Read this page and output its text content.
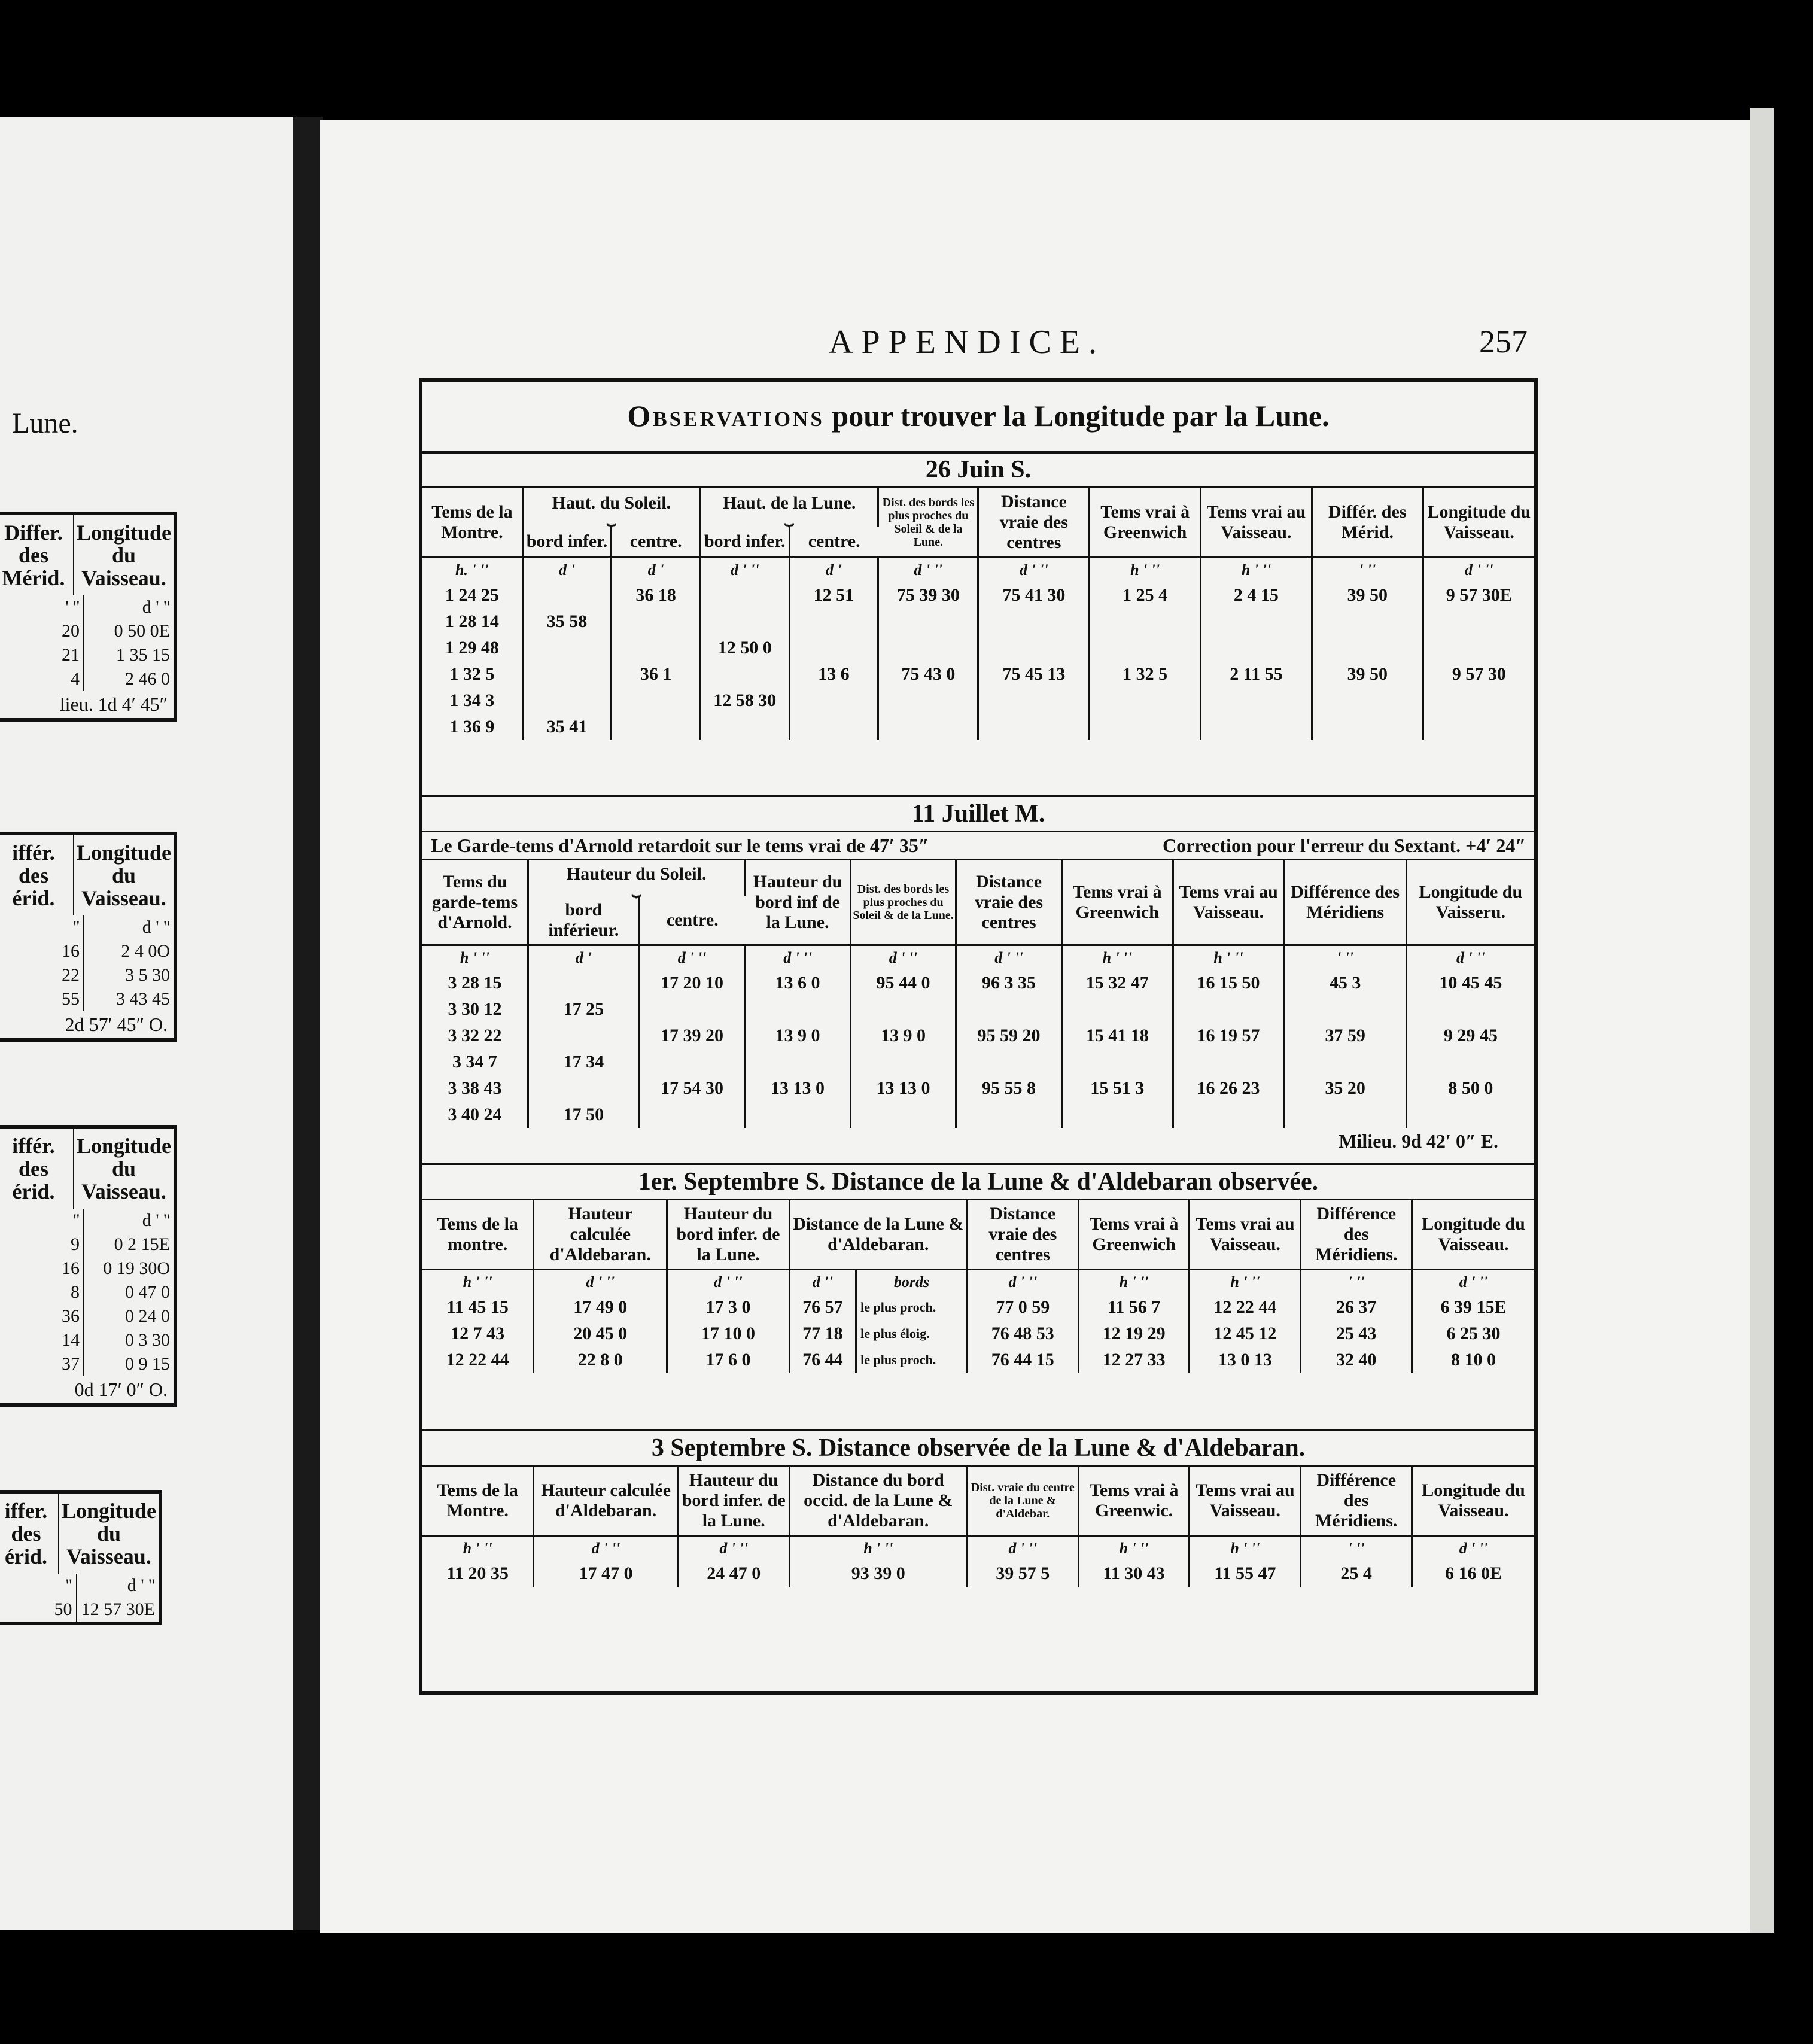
Lune.
Differ. des Mérid.
Longitude du Vaisseau.
' ''	d ' ''
20	0 50 0E
21	1 35 15
4	2 46 0
lieu. 1d 4′ 45″
iffér. des érid.
Longitude du Vaisseau.
''	d ' ''
16	2 4 0O
22	3 5 30
55	3 43 45
2d 57′ 45″ O.
iffér. des érid.
Longitude du Vaisseau.
''	d ' ''
9	0 2 15E
16	0 19 30O
8	0 47 0
36	0 24 0
14	0 3 30
37	0 9 15
0d 17′ 0″ O.
iffer. des érid.
Longitude du Vaisseau.
''	d ' ''
50 12 57 30E
APPENDICE.	257
Observations pour trouver la Longitude par la Lune.
26 Juin S.
Tems de la Montre.	Haut. du Soleil.
⏟		Haut. de la Lune.
⏟		Dist. des bords les plus proches du Soleil & de la Lune.	Distance vraie des centres	Tems vrai à Greenwich	Tems vrai au Vaisseau.	Différ. des Mérid.	Longitude du Vaisseau.
	bord infer.	centre.	bord infer.	centre.						
h. ' ''	d '	d '	d ' ''	d '	d ' ''	d ' ''	h ' ''	h ' ''	' ''	d ' ''
1 24 25		36 18		12 51	75 39 30	75 41 30	1 25 4	2 4 15	39 50	9 57 30E
1 28 14	35 58									
1 29 48			12 50 0							
1 32 5		36 1		13 6	75 43 0	75 45 13	1 32 5	2 11 55	39 50	9 57 30
1 34 3			12 58 30							
1 36 9	35 41									
11 Juillet M.
Le Garde-tems d'Arnold retardoit sur le tems vrai de 47′ 35″	Correction pour l'erreur du Sextant. +4′ 24″
Tems du garde-tems d'Arnold.	Hauteur du Soleil.
⏟		Hauteur du bord inf de la Lune.	Dist. des bords les plus proches du Soleil & de la Lune.	Distance vraie des centres	Tems vrai à Greenwich	Tems vrai au Vaisseau.	Différence des Méridiens	Longitude du Vaisseru.
	bord inférieur.	centre.							
h ' ''	d '	d ' ''	d ' ''	d ' ''	d ' ''	h ' ''	h ' ''	' ''	d ' ''
3 28 15		17 20 10	13 6 0	95 44 0	96 3 35	15 32 47	16 15 50	45 3	10 45 45
3 30 12	17 25								
3 32 22		17 39 20	13 9 0	13 9 0	95 59 20	15 41 18	16 19 57	37 59	9 29 45
3 34 7	17 34								
3 38 43		17 54 30	13 13 0	13 13 0	95 55 8	15 51 3	16 26 23	35 20	8 50 0
3 40 24	17 50								
Milieu. 9d 42′ 0″ E.
1er. Septembre S. Distance de la Lune & d'Aldebaran observée.
Tems de la montre.	Hauteur calculée d'Aldebaran.	Hauteur du bord infer. de la Lune.	Distance de la Lune & d'Aldebaran.		Distance vraie des centres	Tems vrai à Greenwich	Tems vrai au Vaisseau.	Différence des Méridiens.	Longitude du Vaisseau.
h ' ''	d ' ''	d ' ''	d ''	bords	d ' ''	h ' ''	h ' ''	' ''	d ' ''
11 45 15	17 49 0	17 3 0	76 57	le plus proch.	77 0 59	11 56 7	12 22 44	26 37	6 39 15E
12 7 43	20 45 0	17 10 0	77 18	le plus éloig.	76 48 53	12 19 29	12 45 12	25 43	6 25 30
12 22 44	22 8 0	17 6 0	76 44	le plus proch.	76 44 15	12 27 33	13 0 13	32 40	8 10 0
3 Septembre S. Distance observée de la Lune & d'Aldebaran.
Tems de la Montre.	Hauteur calculée d'Aldebaran.	Hauteur du bord infer. de la Lune.	Distance du bord occid. de la Lune & d'Aldebaran.	Dist. vraie du centre de la Lune & d'Aldebar.	Tems vrai à Greenwic.	Tems vrai au Vaisseau.	Différence des Méridiens.	Longitude du Vaisseau.
h ' ''	d ' ''	d ' ''	h ' ''	d ' ''	h ' ''	h ' ''	' ''	d ' ''
11 20 35	17 47 0	24 47 0	93 39 0	39 57 5	11 30 43	11 55 47	25 4	6 16 0E
